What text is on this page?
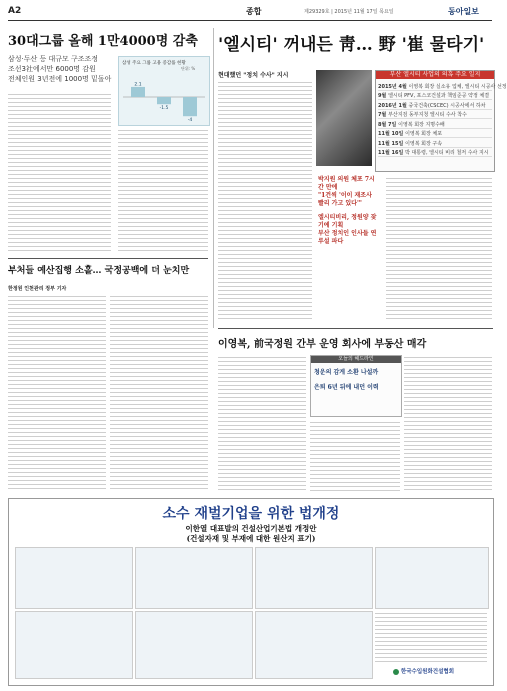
A2	종합	제29329호 | 2015년 11월 17일 목요일	동아일보
30대그룹 올해 1만4000명 감축
삼성·두산 등 대규모 구조조정
조선3社에서만 6000명 감원
전체인원 3년전에 1000명 밑돌아
삼성 주요 그룹 고용 증감률 현황
단위: %
2.1
-1.5
-4
'엘시티' 꺼내든 靑… 野 '崔 물타기'
현대했던 "정치 수사" 지시	부산 엘시티 사업의 의혹 주요 일지
2015년 4월 이영복 회장 실소유 업체, 엘시티 시공사 선정
9월 엘시티 PFV, 포스코건설과 책임준공 약정 체결
2016년 1월 중국건축(CSCEC) 시공사에서 하차
7월 부산지검 동부지청 엘시티 수사 착수
8월 7일 이영복 회장 지명수배
11월 10일 이영복 회장 체포
11월 15일 이영복 회장 구속
11월 16일 박 대통령, 엘시티 비리 철저 수사 지시
박지원 의원 체포 7시간 만에
"1건씩 '이이 재조사 빨리 가고 있다'"
엘시티비리, 정원양 잦기에 기획
부산 정치인 인사들 연루설 파다
부처들 예산집행 소홀… 국정공백에 더 눈치만
한정원 인천관리 정부 기자
이영복, 前국정원 간부 운영 회사에 부동산 매각
오늘의 헤드라인
청운의 감게 소환 나설까
은퇴 6년 뒤에 내던 이력
소수 재벌기업을 위한 법개정
이한열 대표발의 건설산업기본법 개정안
(건설자재 및 부재에 대한 원산지 표기)
한국수입원화건설협회
